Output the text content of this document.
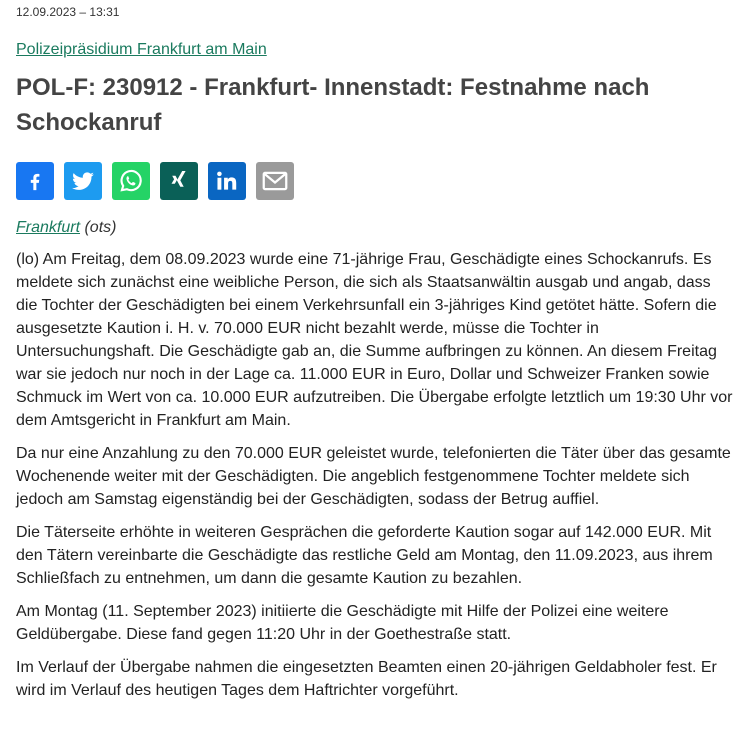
12.09.2023 – 13:31
Polizeipräsidium Frankfurt am Main
POL-F: 230912 - Frankfurt- Innenstadt: Festnahme nach Schockanruf
Frankfurt (ots)

(lo) Am Freitag, dem 08.09.2023 wurde eine 71-jährige Frau, Geschädigte eines Schockanrufs. Es meldete sich zunächst eine weibliche Person, die sich als Staatsanwältin ausgab und angab, dass die Tochter der Geschädigten bei einem Verkehrsunfall ein 3-jähriges Kind getötet hätte. Sofern die ausgesetzte Kaution i. H. v. 70.000 EUR nicht bezahlt werde, müsse die Tochter in Untersuchungshaft. Die Geschädigte gab an, die Summe aufbringen zu können. An diesem Freitag war sie jedoch nur noch in der Lage ca. 11.000 EUR in Euro, Dollar und Schweizer Franken sowie Schmuck im Wert von ca. 10.000 EUR aufzutreiben. Die Übergabe erfolgte letztlich um 19:30 Uhr vor dem Amtsgericht in Frankfurt am Main.

Da nur eine Anzahlung zu den 70.000 EUR geleistet wurde, telefonierten die Täter über das gesamte Wochenende weiter mit der Geschädigten. Die angeblich festgenommene Tochter meldete sich jedoch am Samstag eigenständig bei der Geschädigten, sodass der Betrug auffiel.

Die Täterseite erhöhte in weiteren Gesprächen die geforderte Kaution sogar auf 142.000 EUR. Mit den Tätern vereinbarte die Geschädigte das restliche Geld am Montag, den 11.09.2023, aus ihrem Schließfach zu entnehmen, um dann die gesamte Kaution zu bezahlen.

Am Montag (11. September 2023) initiierte die Geschädigte mit Hilfe der Polizei eine weitere Geldübergabe. Diese fand gegen 11:20 Uhr in der Goethestraße statt.

Im Verlauf der Übergabe nahmen die eingesetzten Beamten einen 20-jährigen Geldabholer fest. Er wird im Verlauf des heutigen Tages dem Haftrichter vorgeführt.
